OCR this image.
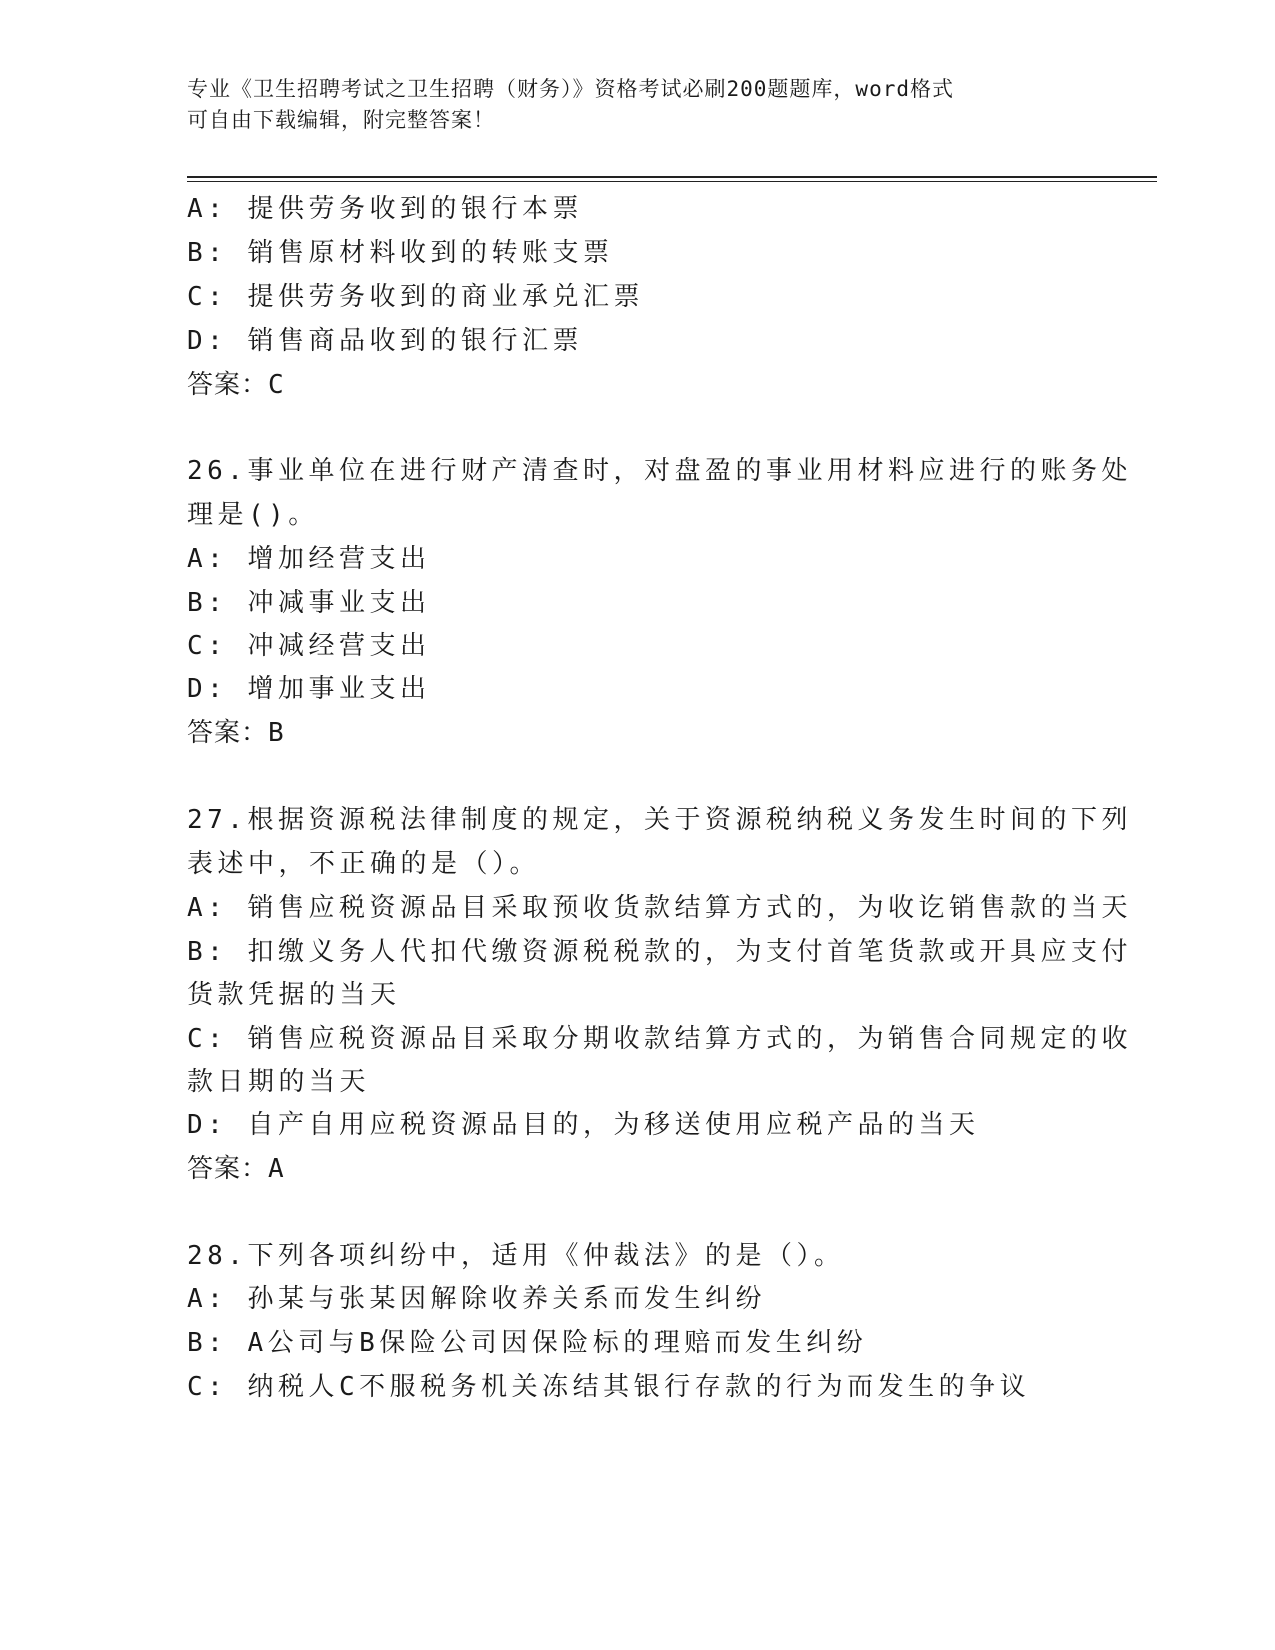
专业《卫生招聘考试之卫生招聘（财务）》资格考试必刷200题题库，word格式
可自由下载编辑，附完整答案！
A: 提供劳务收到的银行本票
B: 销售原材料收到的转账支票
C: 提供劳务收到的商业承兑汇票
D: 销售商品收到的银行汇票
答案：C
26.事业单位在进行财产清查时，对盘盈的事业用材料应进行的账务处
理是()。
A: 增加经营支出
B: 冲减事业支出
C: 冲减经营支出
D: 增加事业支出
答案：B
27.根据资源税法律制度的规定，关于资源税纳税义务发生时间的下列
表述中，不正确的是（）。
A: 销售应税资源品目采取预收货款结算方式的，为收讫销售款的当天
B: 扣缴义务人代扣代缴资源税税款的，为支付首笔货款或开具应支付
货款凭据的当天
C: 销售应税资源品目采取分期收款结算方式的，为销售合同规定的收
款日期的当天
D: 自产自用应税资源品目的，为移送使用应税产品的当天
答案：A
28.下列各项纠纷中，适用《仲裁法》的是（）。
A: 孙某与张某因解除收养关系而发生纠纷
B: A公司与B保险公司因保险标的理赔而发生纠纷
C: 纳税人C不服税务机关冻结其银行存款的行为而发生的争议
